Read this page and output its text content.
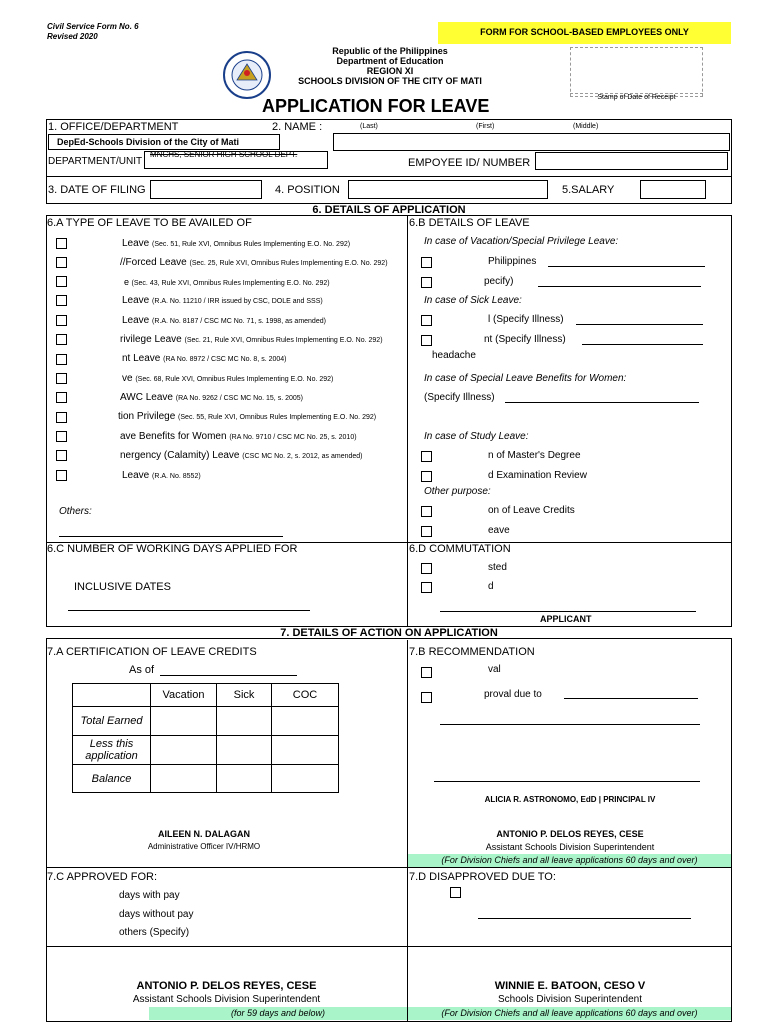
Civil Service Form No. 6
Revised 2020	FORM FOR SCHOOL-BASED EMPLOYEES ONLY
Republic of the Philippines
Department of Education
REGION XI
SCHOOLS DIVISION OF THE CITY OF MATI
Stamp of Date of Receipt
APPLICATION FOR LEAVE
1. OFFICE/DEPARTMENT	2. NAME :	(Last)	(First)	(Middle)
DepEd-Schools Division of the City of Mati
MNCHS, SENIOR HIGH SCHOOL DEPT.
DEPARTMENT/UNIT	EMPOYEE ID/ NUMBER
3. DATE OF FILING	4. POSITION	5.SALARY
6. DETAILS OF APPLICATION
6.A TYPE OF LEAVE TO BE AVAILED OF	6.B DETAILS OF LEAVE
Leave (Sec. 51, Rule XVI, Omnibus Rules Implementing E.O. No. 292)
//Forced Leave (Sec. 25, Rule XVI, Omnibus Rules Implementing E.O. No. 292)
e (Sec. 43, Rule XVI, Omnibus Rules Implementing E.O. No. 292)
Leave (R.A. No. 11210 / IRR issued by CSC, DOLE and SSS)
Leave (R.A. No. 8187 / CSC MC No. 71, s. 1998, as amended)
rivilege Leave (Sec. 21, Rule XVI, Omnibus Rules Implementing E.O. No. 292)
nt Leave (RA No. 8972 / CSC MC No. 8, s. 2004)
ve (Sec. 68, Rule XVI, Omnibus Rules Implementing E.O. No. 292)
AWC Leave (RA No. 9262 / CSC MC No. 15, s. 2005)
tion Privilege (Sec. 55, Rule XVI, Omnibus Rules Implementing E.O. No. 292)
ave Benefits for Women (RA No. 9710 / CSC MC No. 25, s. 2010)
nergency (Calamity) Leave (CSC MC No. 2, s. 2012, as amended)
Leave (R.A. No. 8552)
Others:
In case of Vacation/Special Privilege Leave:
Philippines
pecify)
In case of Sick Leave:
l (Specify Illness)
nt (Specify Illness)
headache
In case of Special Leave Benefits for Women:
(Specify Illness)
In case of Study Leave:
n of Master's Degree
d Examination Review
Other purpose:
on of Leave Credits
eave
6.C NUMBER OF WORKING DAYS APPLIED FOR
INCLUSIVE DATES
6.D COMMUTATION
sted
d
APPLICANT
7. DETAILS OF ACTION ON APPLICATION
7.A CERTIFICATION OF LEAVE CREDITS
As of
	Vacation	Sick	COC
Total Earned			
Less this application			
Balance			
AILEEN N. DALAGAN
Administrative Officer IV/HRMO
7.B RECOMMENDATION
val
proval due to
ALICIA R. ASTRONOMO, EdD | PRINCIPAL IV
ANTONIO P. DELOS REYES, CESE
Assistant Schools Division Superintendent
(For Division Chiefs and all leave applications 60 days and over)
7.C APPROVED FOR:
days with pay
days without pay
others (Specify)
7.D DISAPPROVED DUE TO:
ANTONIO P. DELOS REYES, CESE
Assistant Schools Division Superintendent
(for 59 days and below)
WINNIE E. BATOON, CESO V
Schools Division Superintendent
(For Division Chiefs and all leave applications 60 days and over)
